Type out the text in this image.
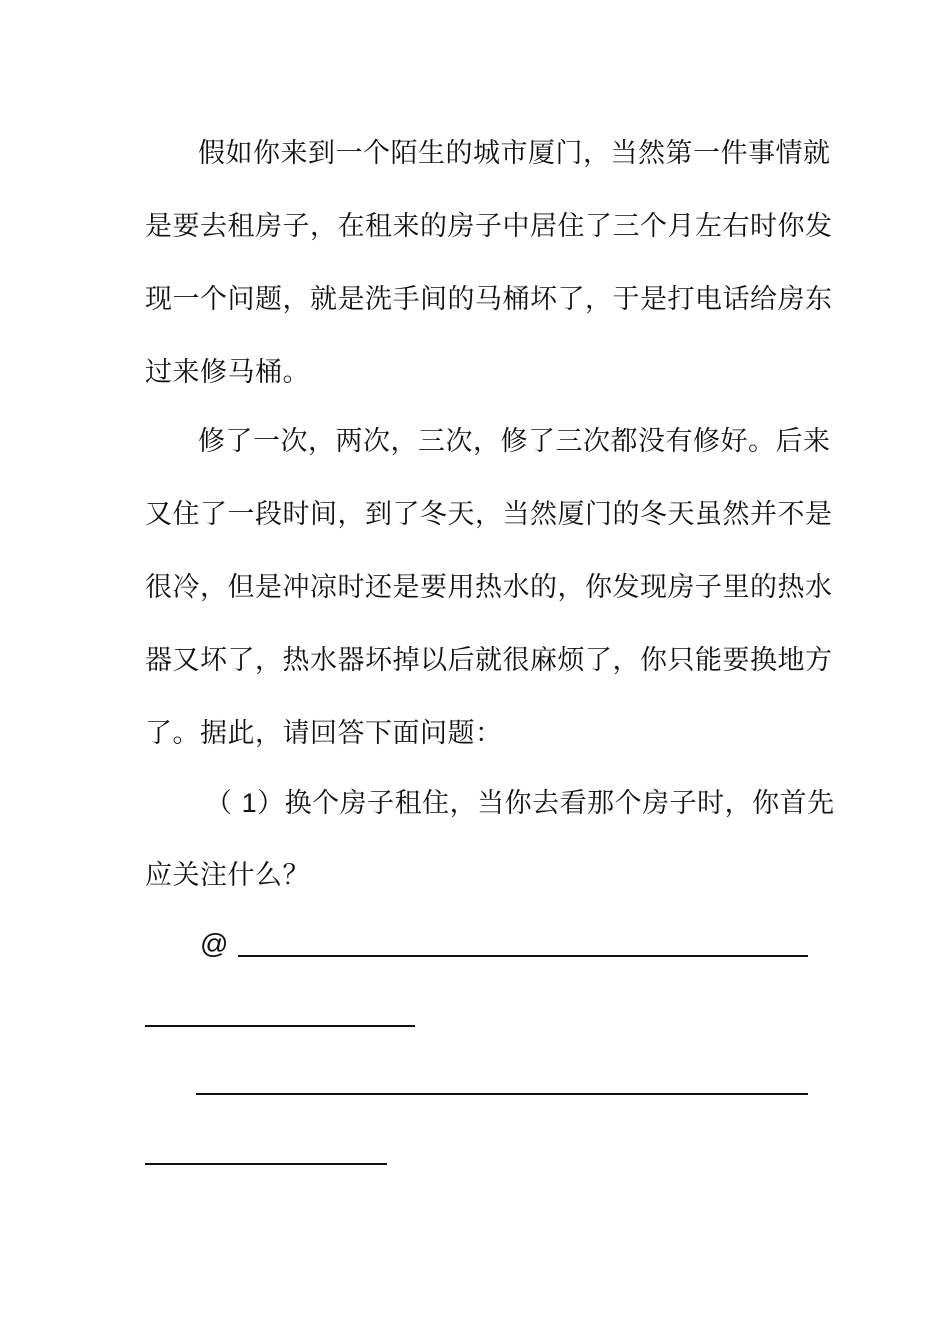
假如你来到一个陌生的城市厦门，当然第一件事情就
是要去租房子，在租来的房子中居住了三个月左右时你发
现一个问题，就是洗手间的马桶坏了，于是打电话给房东
过来修马桶。
修了一次，两次，三次，修了三次都没有修好。后来
又住了一段时间，到了冬天，当然厦门的冬天虽然并不是
很冷，但是冲凉时还是要用热水的，你发现房子里的热水
器又坏了，热水器坏掉以后就很麻烦了，你只能要换地方
了。据此，请回答下面问题：
（ 1）换个房子租住，当你去看那个房子时，你首先
应关注什么？
@
